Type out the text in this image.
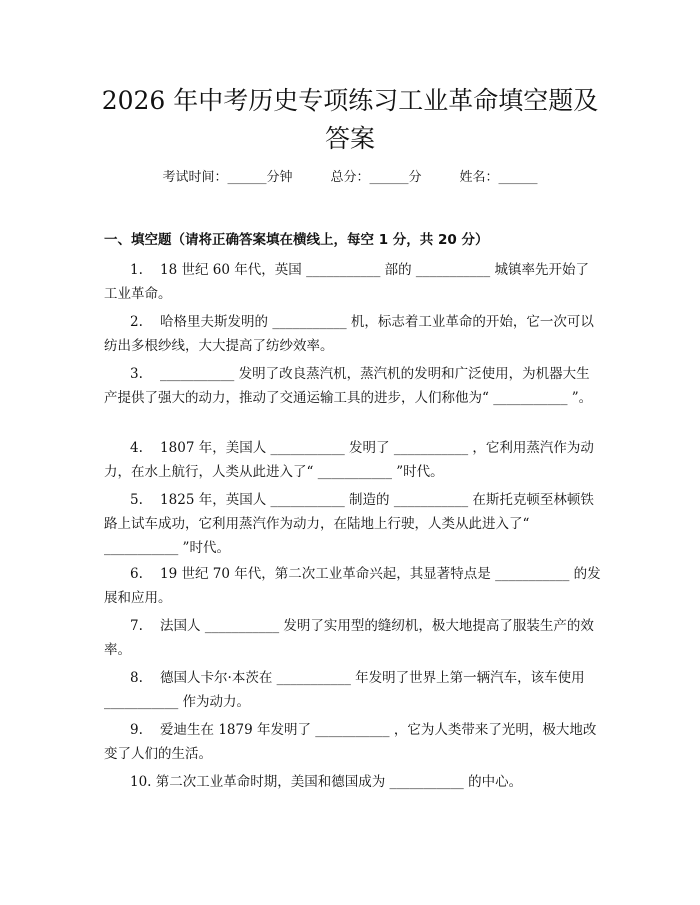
2026 年中考历史专项练习工业革命填空题及答案
考试时间：______分钟	总分：______分	姓名：______
一、填空题（请将正确答案填在横线上，每空 1 分，共 20 分）

1.    18 世纪 60 年代，英国 ___________ 部的 ___________ 城镇率先开始了工业革命。

2.    哈格里夫斯发明的 ___________ 机，标志着工业革命的开始，它一次可以纺出多根纱线，大大提高了纺纱效率。

3.    ___________ 发明了改良蒸汽机，蒸汽机的发明和广泛使用，为机器大生产提供了强大的动力，推动了交通运输工具的进步，人们称他为“ ___________ ”。

4.    1807 年，美国人 ___________ 发明了 ___________ ，它利用蒸汽作为动力，在水上航行，人类从此进入了“ ___________ ”时代。

5.    1825 年，英国人 ___________ 制造的 ___________ 在斯托克顿至林顿铁路上试车成功，它利用蒸汽作为动力，在陆地上行驶，人类从此进入了“ ___________ ”时代。

6.    19 世纪 70 年代，第二次工业革命兴起，其显著特点是 ___________ 的发展和应用。

7.    法国人 ___________ 发明了实用型的缝纫机，极大地提高了服装生产的效率。

8.    德国人卡尔·本茨在 ___________ 年发明了世界上第一辆汽车，该车使用 ___________ 作为动力。

9.    爱迪生在 1879 年发明了 ___________ ，它为人类带来了光明，极大地改变了人们的生活。

10. 第二次工业革命时期，美国和德国成为 ___________ 的中心。
